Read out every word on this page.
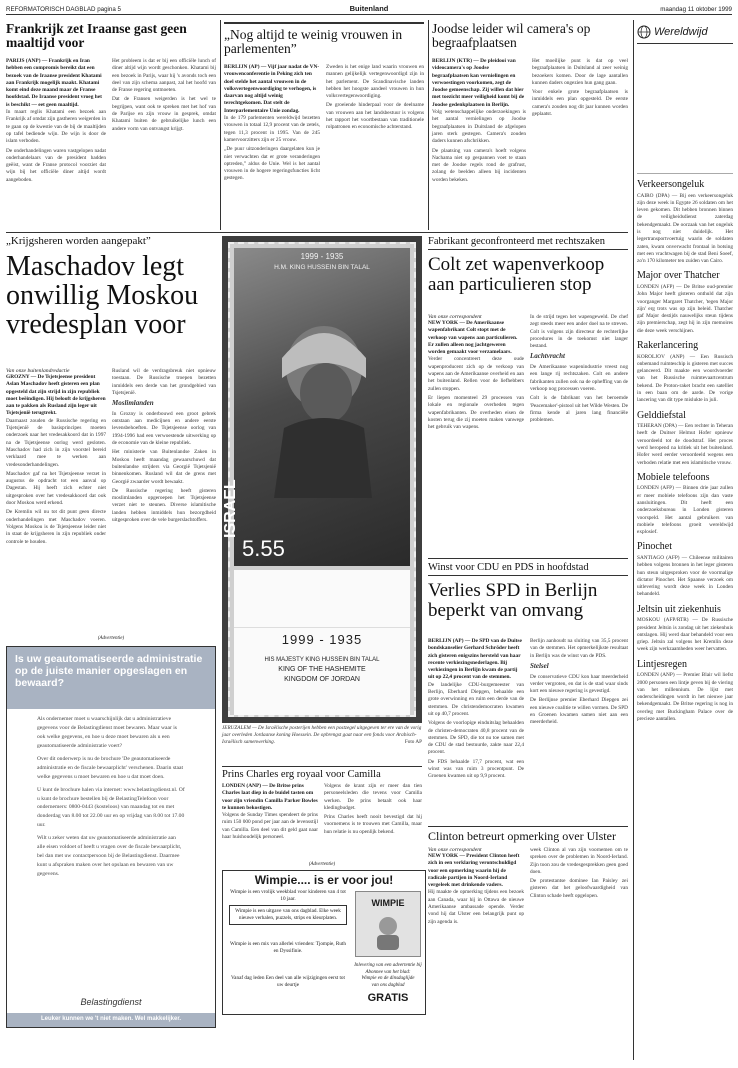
REFORMATORISCH DAGBLAD pagina 5	Buitenland	maandag 11 oktober 1999
Frankrijk zet Iraanse gast geen maaltijd voor
PARIJS (ANP) — Frankrijk en Iran hebben een compromis bereikt dat een bezoek van de Iraanse president Khatami aan Frankrijk mogelijk maakt. Khatami komt eind deze maand maar de Franse hoofdstad. De Iraanse president vroeg het is beschikt — eet geen maaltijd.

In maart reglis Khatami een bezoek aan Frankrijk af omdat zijn gastheren weigerden in te gaan op de kwestie van de bij de maaltijden op tafel bediende wijn. De wijn is door de islam verboden.

De onderhandelingen waren vastgelopen nadat onderhandelaars van de president hadden geëist, want de Franse protocol voorziet dat wijn bij het officiële diner altijd wordt aangeboden.

Het probleem is dat er bij een officiële lunch of diner altijd wijn wordt geschonken. Khatami bij een bezoek in Parijs, waar hij 's avonds toch een deel van zijn schema aanpast, zal het hoofd van de Franse regering ontmoeten.

Dat de Fransen weigerden is het wel te begrijpen, want ook te spreken met het hof van de Parijse en zijn vrouw in gesprek, omdat Khatami buiten de gebruikelijke lunch een andere vorm van ontvangst krijgt.

„Nog altijd te weinig vrouwen in parlementen”
BERLIJN (AP) — Vijf jaar nadat de VN-vrouwenconferentie in Peking zich ten doel stelde het aantal vrouwen in de volksvertegenwoordiging te verhogen, is daarvan nog altijd weinig terechtgekomen. Dat stelt de Interparlementaire Unie zondag.

In de 179 parlementen wereldwijd bezetten vrouwen in totaal 12,9 procent van de zetels, tegen 11,3 procent in 1995. Van de 245 kamervoorzitters zijn er 25 vrouw.

„De puur uitzonderingen daargelaten kun je niet verwachten dat er grote veranderingen optreden,” aldus de Unie. Wel is het aantal vrouwen in de hogere regeringsfuncties licht gestegen.

Zweden is het enige land waarin vrouwen en mannen gelijkelijk vertegenwoordigd zijn in het parlement. De Scandinavische landen hebben het hoogste aandeel vrouwen in hun volksvertegenwoordiging.

De groeiende hinderpaal voor de deelname van vrouwen aan het landsbestuur is volgens het rapport het voortbestaan van traditionele rolpatronen en economische achterstand.

Joodse leider wil camera's op begraafplaatsen
BERLIJN (KTR) — De pleidooi van videocamera's op Joodse begraafplaatsen kan vernielingen en verwoestingen voorkomen, zegt de Joodse gemeenschap. Zij willen dat hier met toezicht meer veiligheid komt bij de Joodse gedenkplaatsen in Berlijn.

Volg wetenschappelijke onderzoekingen is het aantal vernielingen op Joodse begraafplaatsen in Duitsland de afgelopen jaren sterk gestegen. Camera's zouden daders kunnen afschrikken.

De plaatsing van camera's hoeft volgens Nachama niet op gespannen voet te staan met de Joodse regels rond de grafrust, zolang de beelden alleen bij incidenten worden bekeken.

Het moeilijke punt is dat op veel begraafplaatsen in Duitsland al zeer weinig bezoekers komen. Door de lage aantallen kunnen daders ongezien hun gang gaan.

Voor enkele grote begraafplaatsen is inmiddels een plan opgesteld. De eerste camera's zouden nog dit jaar kunnen worden geplaatst.

Wereldwijd
Verkeersongeluk

CAIRO (DPA) — Bij een verkeersongeluk zijn deze week in Egypte 26 soldaten om het leven gekomen. Dit hebben bronnen binnen de veiligheidsdienst zaterdag bekendgemaakt. De oorzaak van het ongeluk is nog niet duidelijk. Het legertransportvoertuig waarin de soldaten zaten, kwam onverwacht frontaal in botsing met een vrachtwagen bij de stad Beni Soeef, zo'n 170 kilometer ten zuiden van Cairo.

Major over Thatcher

LONDEN (AFP) — De Britse oud-premier John Major heeft gisteren onthuld dat zijn voorganger Margaret Thatcher, 'tegen Major zijn' erg trots was op zijn beleid. Thatcher gaf Major destijds nauwelijks steun tijdens zijn premierschap, zegt hij in zijn memoires die deze week verschijnen.

Rakerlancering

KOROLJOV (ANP) — Een Russisch onbemand ruimteschip is gisteren met succes gelanceerd. Dit maakte een woordvoerder van het Russische ruimtevaartcentrum bekend. De Proton-raket bracht een satelliet in een baan om de aarde. De vorige lancering van dit type mislukte in juli.

Gelddiefstal

TEHERAN (DPA) — Een rechter in Teheran heeft de Duitser Helmut Hofer opnieuw veroordeeld tot de doodstraf. Het proces werd heropend na kritiek uit het buitenland. Hofer werd eerder veroordeeld wegens een verboden relatie met een islamitische vrouw.

Mobiele telefoons

LONDEN (AFP) — Binnen drie jaar zullen er meer mobiele telefoons zijn dan vaste aansluitingen. Dit heeft een onderzoeksbureau in Londen gisteren voorspeld. Het aantal gebruikers van mobiele telefoons groeit wereldwijd explosief.

Pinochet

SANTIAGO (AFP) — Chileense militairen hebben volgens bronnen in het leger gisteren hun steun uitgesproken voor de voormalige dictator Pinochet. Het Spaanse verzoek om uitlevering wordt deze week in Londen behandeld.

Jeltsin uit ziekenhuis

MOSKOU (AFP/RTR) — De Russische president Jeltsin is zondag uit het ziekenhuis ontslagen. Hij werd daar behandeld voor een griep. Jeltsin zal volgens het Kremlin deze week zijn werkzaamheden weer hervatten.

Lintjesregen

LONDEN (ANP) — Premier Blair wil liefst 2000 personen een lintje geven bij de viering van het millennium. De lijst met onderscheidingen wordt in het nieuwe jaar bekendgemaakt. De Britse regering is nog in overleg met Buckingham Palace over de precieze aantallen.

„Krijgsheren worden aangepakt”
Maschadov legt onwillig Moskou vredesplan voor
Van onze buitenlandredactie
GROZNY — De Tsjetsjeense president Aslan Maschadov heeft gisteren een plan opgesteld dat zijn strijd in zijn republiek moet beëindigen. Hij belooft de krijgsheren aan te pakken als Rusland zijn leger uit Tsjetsjenië terugtrekt.

Daarnaast zouden de Russische regering en Tsjetsjenië de basisprincipes moeten onderzoek naar het vredesakkoord dat in 1997 na de Tsjetsjeense oorlog werd gesloten. Maschadov had zich in zijn voorstel bereid verklaard mee te werken aan vredesonderhandelingen.

Maschadov gaf na het Tsjetsjeense verzet in augustus de opdracht tot een aanval op Dagestan. Hij heeft zich echter niet uitgesproken over het vredesakkoord dat ook door Moskou werd erkend.

De Kremlin wil nu tot dit punt geen directe onderhandelingen met Maschadov voeren. Volgens Moskou is de Tsjetsjeense leider niet in staat de krijgsheren in zijn republiek onder controle te houden.

Rusland wil de verdragsbreuk niet opnieuw toestaan. De Russische troepen bezetten inmiddels een derde van het grondgebied van Tsjetsjenië.

Moslimlanden

In Grozny is onderbouwd een groot gebrek ontstaan aan medicijnen en andere eerste levensbehoeften. De Tsjetsjeense oorlog van 1994-1996 had een verwoestende uitwerking op de economie van de kleine republiek.

Het ministerie van Buitenlandse Zaken in Moskou heeft maandag gewaarschuwd dat buitenlandse strijders via Georgië Tsjetsjenië binnenkomen. Rusland wil dat de grens met Georgië zwaarder wordt bewaakt.

De Russische regering heeft gisteren moslimlanden opgeroepen het Tsjetsjeense verzet niet te steunen. Diverse islamitische landen hebben inmiddels hun bezorgdheid uitgesproken over de vele burgerslachtoffers.

1999 - 1935
H.M. KING HUSSEIN BIN TALAL
ISRAEL
5.55
1999 - 1935
HIS MAJESTY KING HUSSEIN BIN TALAL
KING OF THE HASHEMITE
KINGDOM OF JORDAN
JERUZALEM — De Israëlische posterijen hebben een postzegel uitgegeven ter ere van de vorig jaar overleden Jordaanse koning Hoessein. De opbrengst gaat naar een fonds voor Arabisch-Israëlisch samenwerking.	Foto AP
Fabrikant geconfronteerd met rechtszaken
Colt zet wapenverkoop aan particulieren stop
Van onze correspondent
NEW YORK — De Amerikaanse wapenfabrikant Colt stopt met de verkoop van wapens aan particulieren. Er zullen alleen nog jachtgeweren worden gemaakt voor verzamelaars.

Verder concentreert deze oude wapenproducent zich op de verkoop van wapens aan de Amerikaanse overheid en aan het buitenland. Rellen voor de liefhebbers zullen stoppen.

Er liepen momenteel 29 processen van lokale en regionale overheden tegen wapenfabrikanten. De overheden eisen de kosten terug die zij moeten maken vanwege het gebruik van wapens.

In de strijd tegen het wapengeweld. De chef zegt steeds meer een ander doel na te streven. Colt is volgens zijn directeur de rechterlijke procedures in de toekomst niet langer bestand.

Lachtvracht

De Amerikaanse wapenindustrie vreest nog een lange rij rechtszaken. Colt en andere fabrikanten zullen ook na de opheffing van de verkoop nog processen voeren.

Colt is de fabrikant van het beroemde 'Peacemaker'-pistool uit het Wilde Westen. De firma kende al jaren lang financiële problemen.

Winst voor CDU en PDS in hoofdstad
Verlies SPD in Berlijn beperkt van omvang
BERLIJN (AP) — De SPD van de Duitse bondskanselier Gerhard Schröder heeft zich gisteren enigszins hersteld van haar recente verkiezingsnederlagen. Bij verkiezingen in Berlijn kwam de partij uit op 22,4 procent van de stemmen.

De landelijke CDU-burgemeester van Berlijn, Eberhard Diepgen, behaalde een grote overwinning en ruim een derde van de stemmen. De christendemocraten kwamen uit op 40,7 procent.

Volgens de voorlopige einduitslag behaalden de christen-democraten 40,8 procent van de stemmen. De SPD, die tot nu toe samen met de CDU de stad bestuurde, zakte naar 22,4 procent.

De FDS behaalde 17,7 procent, wat een winst was van ruim 3 procentpunt. De Groenen kwamen uit op 9,9 procent.

Berlijn aanhoudt na sluiting van 35,5 procent van de stemmen. Het opmerkelijkste resultaat in Berlijn was de winst van de PDS.

Stelsel

De conservatieve CDU kon haar meerderheid verder vergroten, en dat is de stad waar sinds kort een nieuwe regering is gevestigd.

De Berlijnse premier Eberhard Diepgen zei een nieuwe coalitie te willen vormen. De SPD en Groenen kwamen samen niet aan een meerderheid.

Prins Charles erg royaal voor Camilla
LONDEN (ANP) — De Britse prins Charles laat diep in de buidel tasten om voor zijn vriendin Camilla Parker Bowles te kunnen bekostigen.

Volgens de Sunday Times spendeert de prins ruim 150 000 pond per jaar aan de levensstijl van Camilla. Een deel van dit geld gaat naar haar huishoudelijk personeel.

Volgens de krant zijn er meer dan tien personeelsleden die tevens voor Camilla werken. De prins betaalt ook haar kledingbudget.

Prins Charles heeft nooit bevestigd dat hij voornemens is te trouwen met Camilla, maar hun relatie is nu openlijk bekend.

(Advertentie)
Wimpie.... is er voor jou!
Wimpie is een vrolijk weekblad voor kinderen van 4 tot 10 jaar.
Wimpie is een uitgave van ons dagblad. Elke week nieuwe verhalen, puzzels, strips en kleurplaten.
Wimpie is een mix van allerlei vrienden: Tjompie, Ruth en Dyssifinie.
WIMPIE
Vanaf dag leden Een deel van alle wijzigingen eerst tot uw deurtje
Inlevering van een advertentie bij
Abonnee van het blad:
Wimpie en de dinsdaglijde
van ons dagblad
GRATIS
(Advertentie)
Is uw geautomatiseerde administratie op de juiste manier opgeslagen en bewaard?

Als ondernemer moet u waarschijnlijk dat u administratieve gegevens voor de Belastingdienst moet bewaren. Maar waar is ook welke gegevens, en hoe u deze moet bewaren als u een geautomatiseerde administratie voert?

Over dit onderwerp is nu de brochure 'De geautomatiseerde administratie en de fiscale bewaarplicht' verschenen. Daarin staat welke gegevens u moet bewaren en hoe u dat moet doen.

U kunt de brochure halen via internet: www.belastingdienst.nl. Of u kunt de brochure bestellen bij de BelastingTelefoon voor ondernemers: 0800-0443 (kosteloos) van maandag tot en met donderdag van 8.00 tot 22.00 uur en op vrijdag van 8.00 tot 17.00 uur.

Wilt u zeker weten dat uw geautomatiseerde administratie aan alle eisen voldoet of heeft u vragen over de fiscale bewaarplicht, bel dan met uw contactpersoon bij de Belastingdienst. Daarmee kunt u afspraken maken over het opslaan en bewaren van uw gegevens.

Belastingdienst
Leuker kunnen we 't niet maken. Wel makkelijker.
Clinton betreurt opmerking over Ulster
Van onze correspondent
NEW YORK — President Clinton heeft zich in een verklaring verontschuldigd voor een opmerking waarin hij de radicale partijen in Noord-Ierland vergeleek met drinkende vaders.

Hij maakte de opmerking tijdens een bezoek aan Canada, waar hij in Ottawa de nieuwe Amerikaanse ambassade opende. Verder vond hij dat Ulster een belangrijk punt op zijn agenda is.

week Clinton al van zijn voornemen om te spreken over de problemen in Noord-Ierland. Zijn toon zou de vredesgesprekken geen goed doen.

De protestantse dominee Ian Paisley zei gisteren dat het geloofwaardigheid van Clinton schade heeft opgelopen.
